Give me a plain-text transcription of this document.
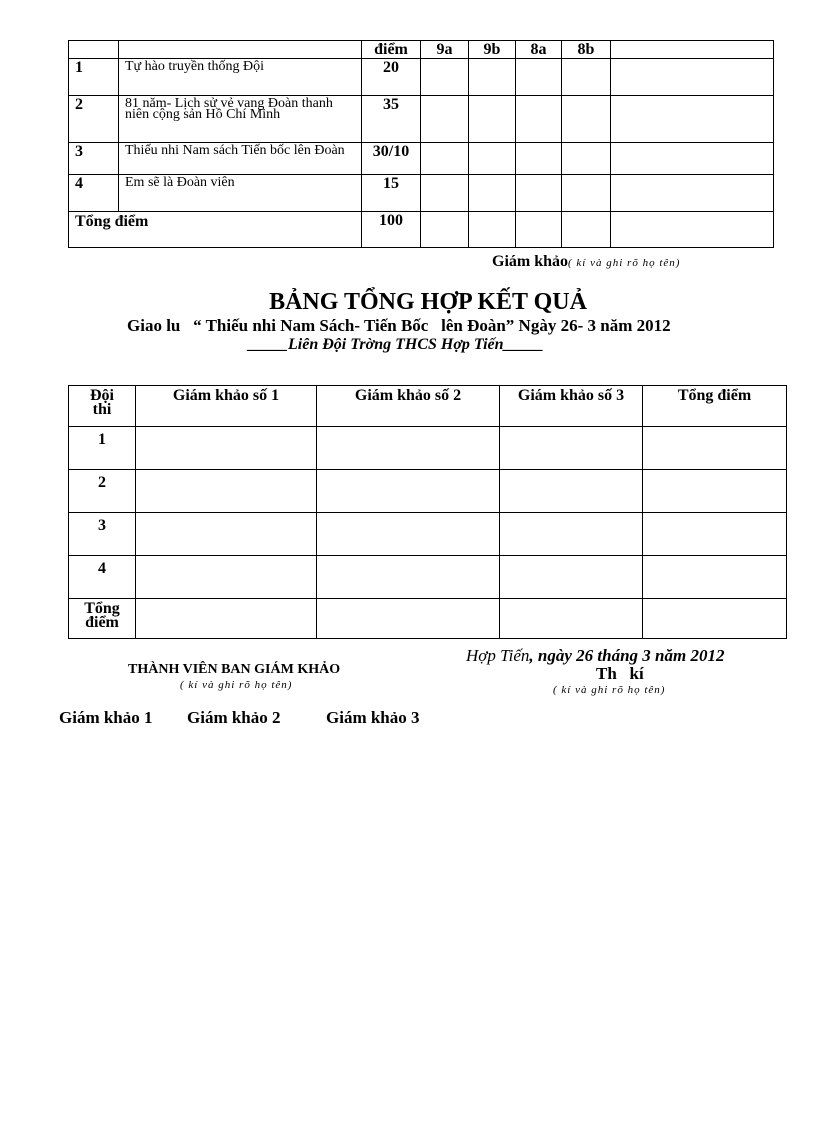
		điểm	9a	9b	8a	8b	
1	Tự hào truyền thống Đội	20					
2	81 năm- Lịch sử vẻ vang Đoàn thanh niên cộng sản Hồ Chí Minh	35					
3	Thiếu nhi Nam sách Tiến bốc lên Đoàn	30/10					
4	Em sẽ là Đoàn viên	15					
Tổng điểm		100					
Giám khảo( kí và ghi rõ họ tên)
BẢNG TỔNG HỢP KẾT QUẢ
Giao lu   “ Thiếu nhi Nam Sách- Tiến Bốc   lên Đoàn” Ngày 26- 3 năm 2012
_____Liên Đội Trờng THCS Hợp Tiến_____
Đội thi	Giám khảo số 1	Giám khảo số 2	Giám khảo số 3	Tổng điểm
1				
2				
3				
4				
Tổng điểm				
THÀNH VIÊN BAN GIÁM KHẢO
( kí và ghi rõ họ tên)
Hợp Tiến, ngày 26 tháng 3 năm 2012
Th   kí
( kí và ghi rõ họ tên)
Giám khảo 1 Giám khảo 2	Giám khảo 3
